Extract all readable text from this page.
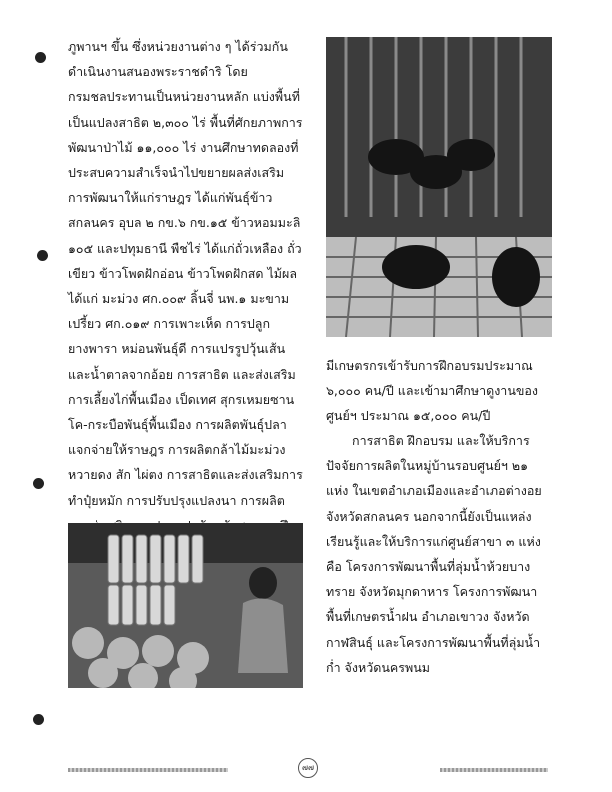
ภูพานฯ ขึ้น ซึ่งหน่วยงานต่าง ๆ ได้ร่วมกันดำเนินงานสนองพระราชดำริ โดยกรมชลประทานเป็นหน่วยงานหลัก แบ่งพื้นที่เป็นแปลงสาธิต ๒,๓๐๐ ไร่ พื้นที่ศักยภาพการพัฒนาป่าไม้ ๑๑,๐๐๐ ไร่ งานศึกษาทดลองที่ประสบความสำเร็จนำไปขยายผลส่งเสริมการพัฒนาให้แก่ราษฎร ได้แก่พันธุ์ข้าวสกลนคร อุบล ๒ กข.๖ กข.๑๕ ข้าวหอมมะลิ ๑๐๕ และปทุมธานี พืชไร่ ได้แก่ถั่วเหลือง ถั่วเขียว ข้าวโพดฝักอ่อน ข้าวโพดฝักสด ไม้ผล ได้แก่ มะม่วง ศก.๐๐๙ ลิ้นจี่ นพ.๑ มะขามเปรี้ยว ศก.๐๑๙ การเพาะเห็ด การปลูกยางพารา หม่อนพันธุ์ดี การแปรรูปวุ้นเส้น และน้ำตาลจากอ้อย การสาธิต และส่งเสริมการเลี้ยงไก่พื้นเมือง เป็ดเทศ สุกรเหมยซาน โค-กระบือพันธุ์พื้นเมือง การผลิตพันธุ์ปลาแจกจ่ายให้ราษฎร การผลิตกล้าไม้มะม่วง หวายดง สัก ไผ่ตง การสาธิตและส่งเสริมการทำปุ๋ยหมัก การปรับปรุงแปลงนา การผลิต

มีเกษตรกรเข้ารับการฝึกอบรมประมาณ ๖,๐๐๐ คน/ปี และเข้ามาศึกษาดูงานของศูนย์ฯ ประมาณ ๑๕,๐๐๐ คน/ปี

การสาธิต ฝึกอบรม และให้บริการปัจจัยการผลิตในหมู่บ้านรอบศูนย์ฯ ๒๑ แห่ง ในเขตอำเภอเมืองและอำเภอต่างอย จังหวัดสกลนคร นอกจากนี้ยังเป็นแหล่งเรียนรู้และให้บริการแก่ศูนย์สาขา ๓ แห่ง คือ โครงการพัฒนาพื้นที่ลุ่มน้ำห้วยบางทราย จังหวัดมุกดาหาร โครงการพัฒนาพื้นที่เกษตรน้ำฝน อำเภอเขาวง จังหวัดกาฬสินธุ์ และโครงการพัฒนาพื้นที่ลุ่มน้ำก่ำ จังหวัดนครพนม

๗๗
